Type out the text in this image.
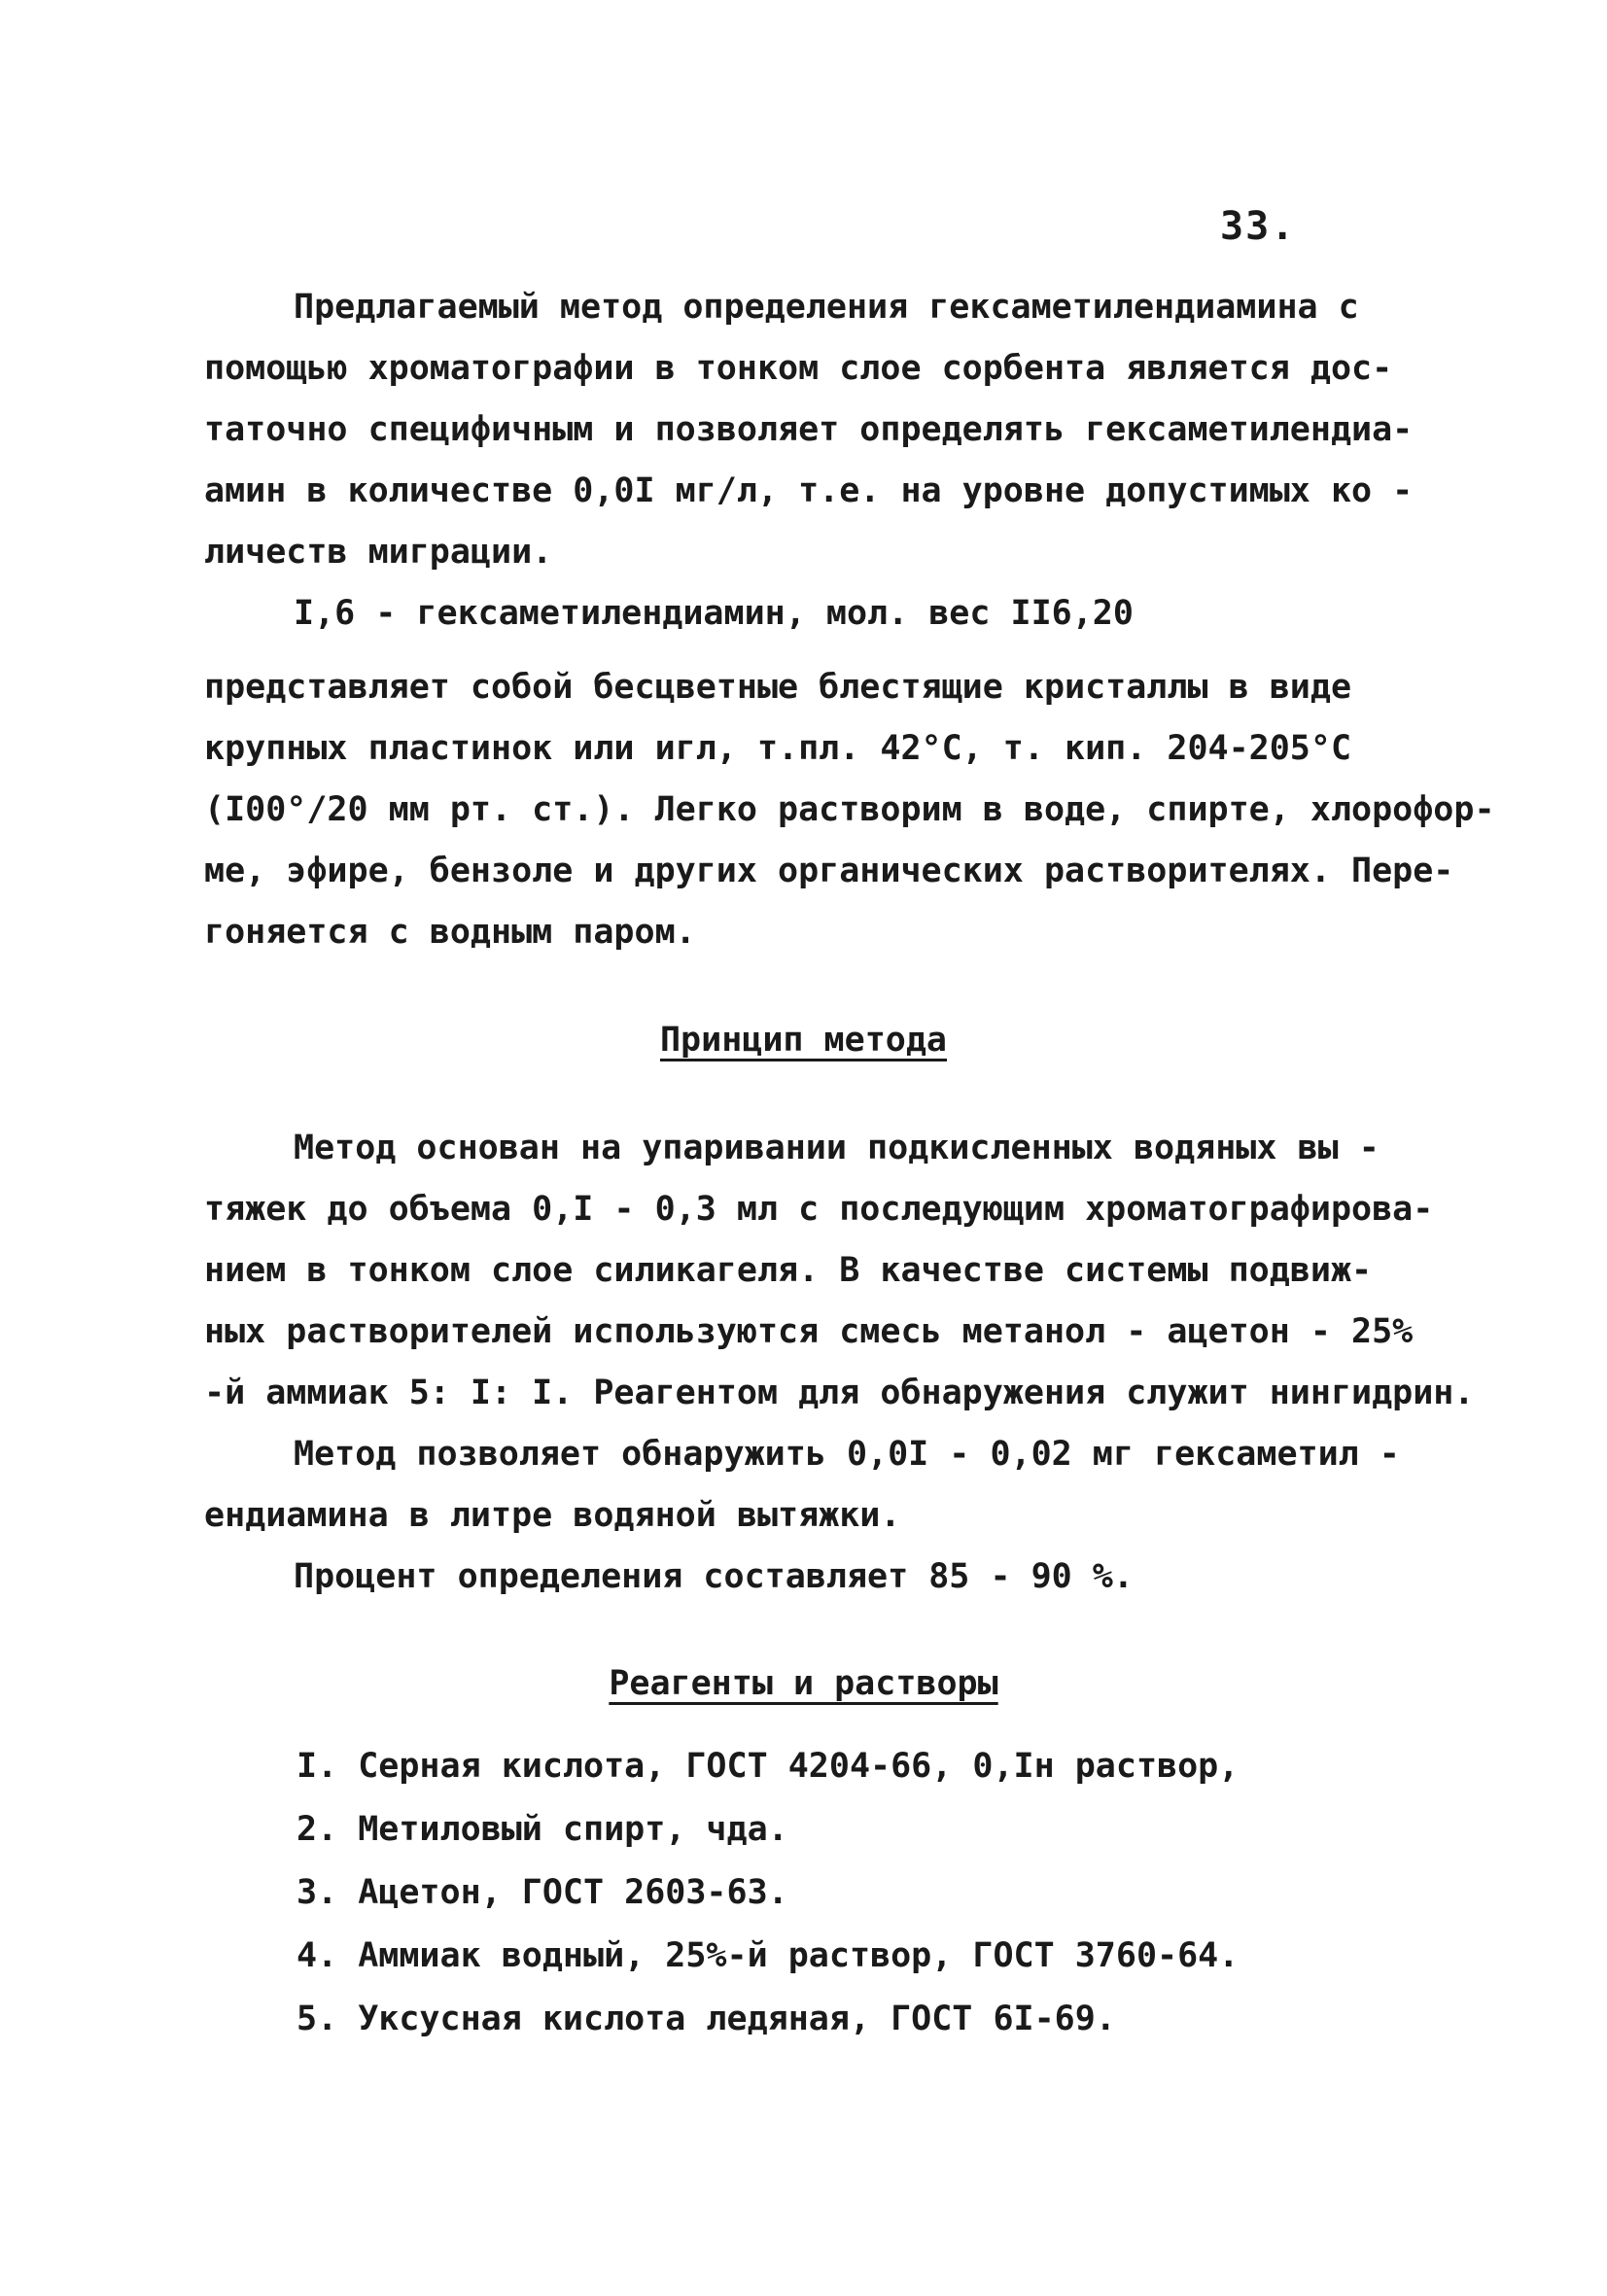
33.
Предлагаемый метод определения гексаметилендиамина с
помощью хроматографии в тонком слое сорбента является дос-
таточно специфичным и позволяет определять гексаметилендиа-
амин в количестве 0,0I мг/л, т.е. на уровне допустимых ко -
личеств миграции.
I,6 - гексаметилендиамин, мол. вес II6,20
представляет собой бесцветные блестящие кристаллы в виде
крупных пластинок или игл, т.пл. 42°С, т. кип. 204-205°С
(I00°/20 мм рт. ст.). Легко растворим в воде, спирте, хлорофор-
ме, эфире, бензоле и других органических растворителях. Пере-
гоняется с водным паром.
Принцип метода
Метод основан на упаривании подкисленных водяных вы -
тяжек до объема 0,I - 0,3 мл с последующим хроматографирова-
нием в тонком слое силикагеля. В качестве системы подвиж-
ных растворителей используются смесь метанол - ацетон - 25%
-й аммиак 5: I: I. Реагентом для обнаружения служит нингидрин.
Метод позволяет обнаружить 0,0I - 0,02 мг гексаметил -
ендиамина в литре водяной вытяжки.
Процент определения составляет 85 - 90 %.
Реагенты и растворы
I. Серная кислота, ГОСТ 4204-66, 0,Iн раствор,
2. Метиловый спирт, чда.
3. Ацетон, ГОСТ 2603-63.
4. Аммиак водный, 25%-й раствор, ГОСТ 3760-64.
5. Уксусная кислота ледяная, ГОСТ 6I-69.
